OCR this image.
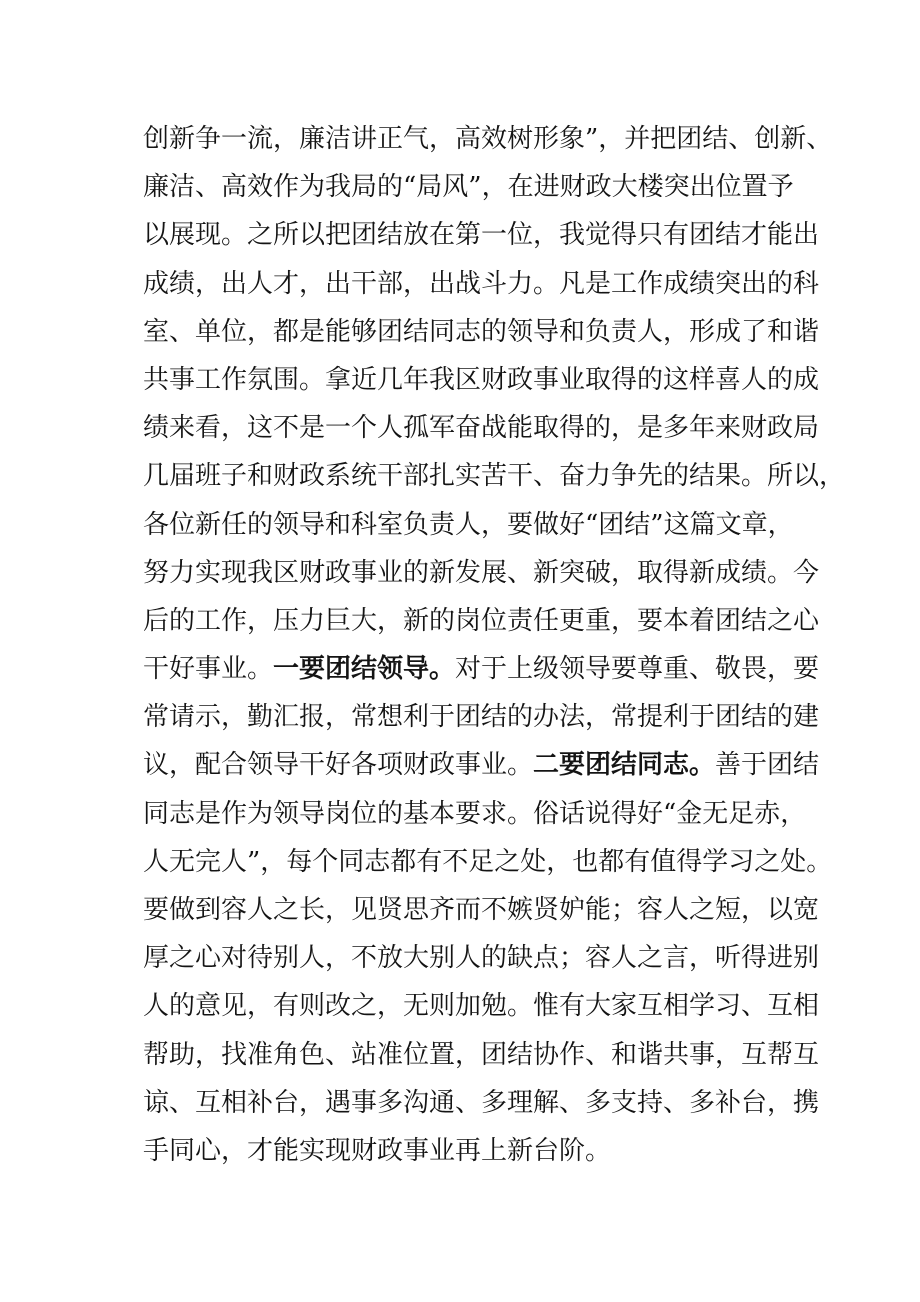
创新争一流，廉洁讲正气，高效树形象”，并把团结、创新、
廉洁、高效作为我局的“局风”，在进财政大楼突出位置予
以展现。之所以把团结放在第一位，我觉得只有团结才能出
成绩，出人才，出干部，出战斗力。凡是工作成绩突出的科
室、单位，都是能够团结同志的领导和负责人，形成了和谐
共事工作氛围。拿近几年我区财政事业取得的这样喜人的成
绩来看，这不是一个人孤军奋战能取得的，是多年来财政局
几届班子和财政系统干部扎实苦干、奋力争先的结果。所以，
各位新任的领导和科室负责人，要做好“团结”这篇文章，
努力实现我区财政事业的新发展、新突破，取得新成绩。今
后的工作，压力巨大，新的岗位责任更重，要本着团结之心
干好事业。一要团结领导。对于上级领导要尊重、敬畏，要
常请示，勤汇报，常想利于团结的办法，常提利于团结的建
议，配合领导干好各项财政事业。二要团结同志。善于团结
同志是作为领导岗位的基本要求。俗话说得好“金无足赤，
人无完人”，每个同志都有不足之处，也都有值得学习之处。
要做到容人之长，见贤思齐而不嫉贤妒能；容人之短，以宽
厚之心对待别人，不放大别人的缺点；容人之言，听得进别
人的意见，有则改之，无则加勉。惟有大家互相学习、互相
帮助，找准角色、站准位置，团结协作、和谐共事，互帮互
谅、互相补台，遇事多沟通、多理解、多支持、多补台，携
手同心，才能实现财政事业再上新台阶。
